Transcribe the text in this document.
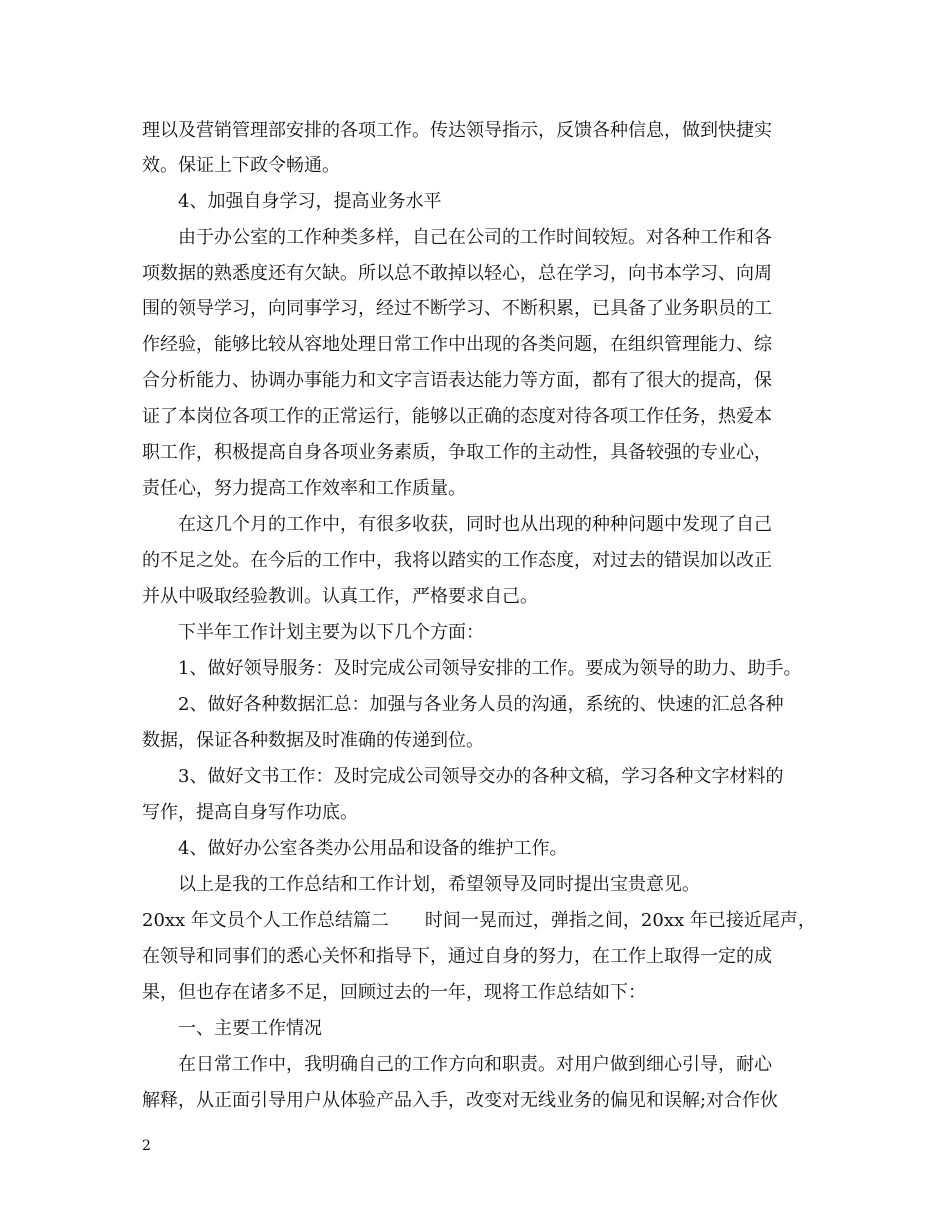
理以及营销管理部安排的各项工作。传达领导指示，反馈各种信息，做到快捷实
效。保证上下政令畅通。
　　4、加强自身学习，提高业务水平
　　由于办公室的工作种类多样，自己在公司的工作时间较短。对各种工作和各
项数据的熟悉度还有欠缺。所以总不敢掉以轻心，总在学习，向书本学习、向周
围的领导学习，向同事学习，经过不断学习、不断积累，已具备了业务职员的工
作经验，能够比较从容地处理日常工作中出现的各类问题，在组织管理能力、综
合分析能力、协调办事能力和文字言语表达能力等方面，都有了很大的提高，保
证了本岗位各项工作的正常运行，能够以正确的态度对待各项工作任务，热爱本
职工作，积极提高自身各项业务素质，争取工作的主动性，具备较强的专业心，
责任心，努力提高工作效率和工作质量。
　　在这几个月的工作中，有很多收获，同时也从出现的种种问题中发现了自己
的不足之处。在今后的工作中，我将以踏实的工作态度，对过去的错误加以改正
并从中吸取经验教训。认真工作，严格要求自己。
　　下半年工作计划主要为以下几个方面：
　　1、做好领导服务：及时完成公司领导安排的工作。要成为领导的助力、助手。
　　2、做好各种数据汇总：加强与各业务人员的沟通，系统的、快速的汇总各种
数据，保证各种数据及时准确的传递到位。
　　3、做好文书工作：及时完成公司领导交办的各种文稿，学习各种文字材料的
写作，提高自身写作功底。
　　4、做好办公室各类办公用品和设备的维护工作。
　　以上是我的工作总结和工作计划，希望领导及同时提出宝贵意见。
20xx 年文员个人工作总结篇二　　时间一晃而过，弹指之间，20xx 年已接近尾声，
在领导和同事们的悉心关怀和指导下，通过自身的努力，在工作上取得一定的成
果，但也存在诸多不足，回顾过去的一年，现将工作总结如下：
　　一、主要工作情况
　　在日常工作中，我明确自己的工作方向和职责。对用户做到细心引导，耐心
解释，从正面引导用户从体验产品入手，改变对无线业务的偏见和误解;对合作伙
2
